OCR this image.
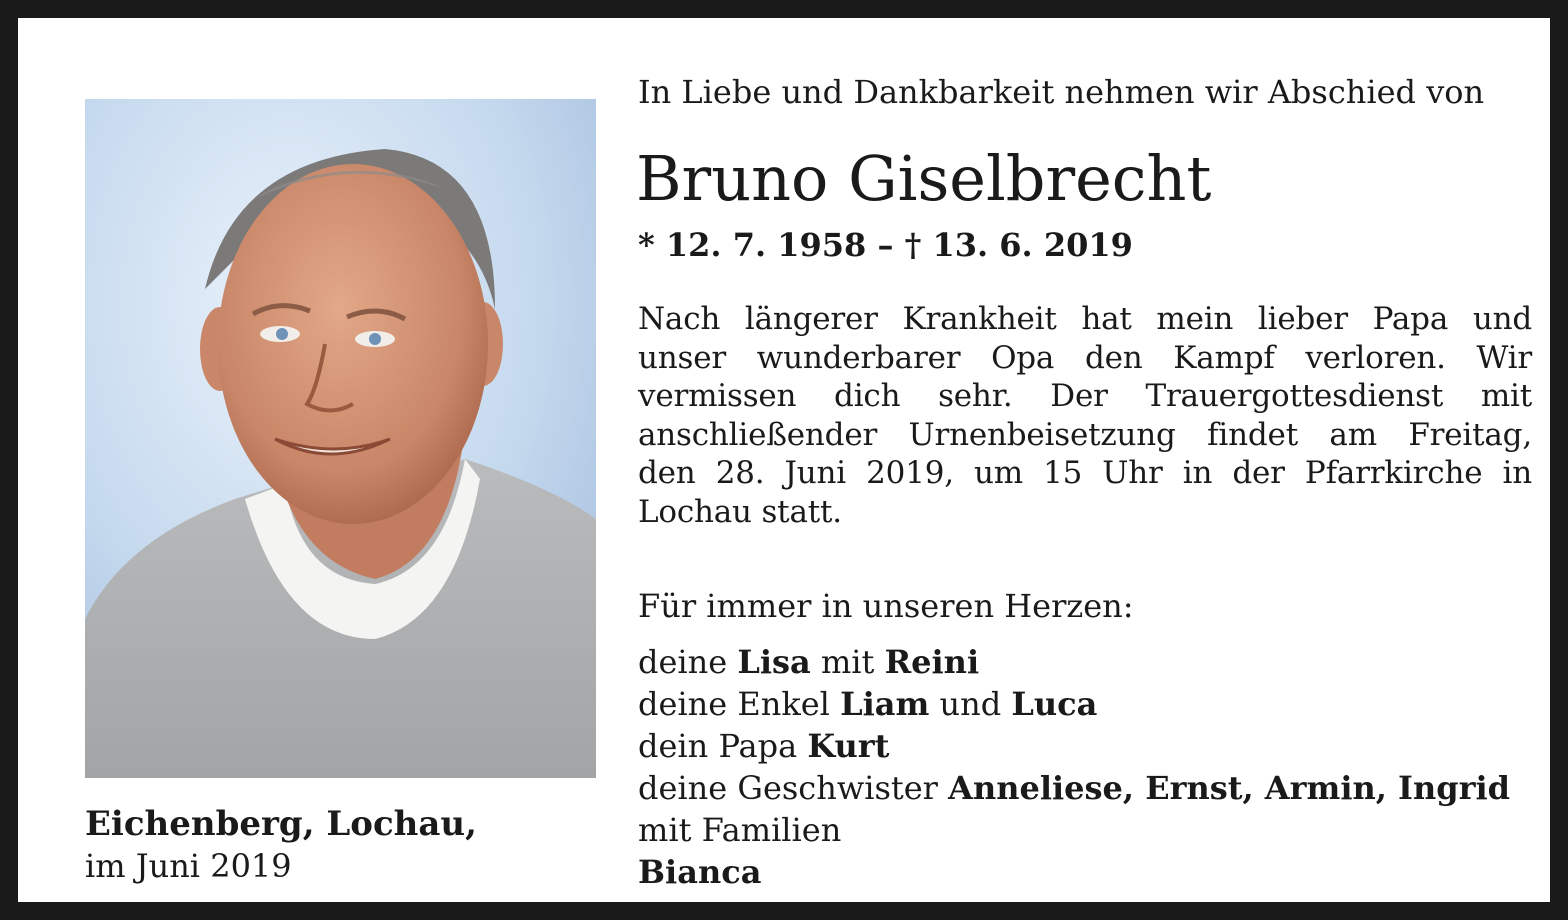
Eichenberg, Lochau,
im Juni 2019
In Liebe und Dankbarkeit nehmen wir Abschied von
Bruno Giselbrecht
* 12. 7. 1958 – † 13. 6. 2019

Nach längerer Krankheit hat mein lieber Papa und
unser wunderbarer Opa den Kampf verloren. Wir
vermissen dich sehr. Der Trauergottesdienst mit
anschließender Urnenbeisetzung findet am Freitag,
den 28. Juni 2019, um 15 Uhr in der Pfarrkirche in
Lochau statt.

Für immer in unseren Herzen:
deine Lisa mit Reini
deine Enkel Liam und Luca
dein Papa Kurt
deine Geschwister Anneliese, Ernst, Armin, Ingrid
mit Familien
Bianca
